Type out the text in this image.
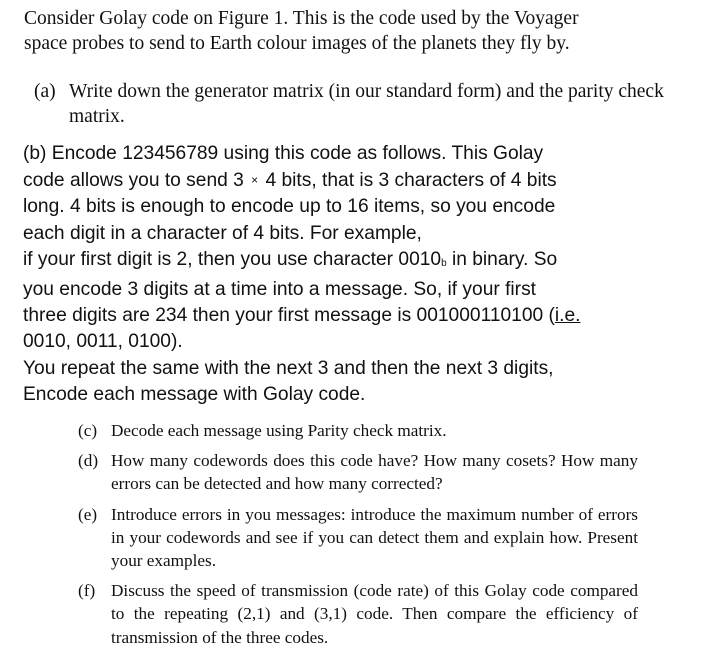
Consider Golay code on Figure 1. This is the code used by the Voyager
space probes to send to Earth colour images of the planets they fly by.
(a) Write down the generator matrix (in our standard form) and the parity check matrix.
(b) Encode 123456789 using this code as follows. This Golay
code allows you to send 3 × 4 bits, that is 3 characters of 4 bits
long. 4 bits is enough to encode up to 16 items, so you encode
each digit in a character of 4 bits. For example,
if your first digit is 2, then you use character 0010b in binary. So
you encode 3 digits at a time into a message. So, if your first
three digits are 234 then your first message is 001000110100 (i.e.
0010, 0011, 0100).
You repeat the same with the next 3 and then the next 3 digits,
Encode each message with Golay code.
(c) Decode each message using Parity check matrix.
(d) How many codewords does this code have? How many cosets? How many errors can be detected and how many corrected?
(e) Introduce errors in you messages: introduce the maximum number of errors in your codewords and see if you can detect them and explain how. Present your examples.
(f) Discuss the speed of transmission (code rate) of this Golay code compared to the repeating (2,1) and (3,1) code. Then compare the efficiency of transmission of the three codes.
